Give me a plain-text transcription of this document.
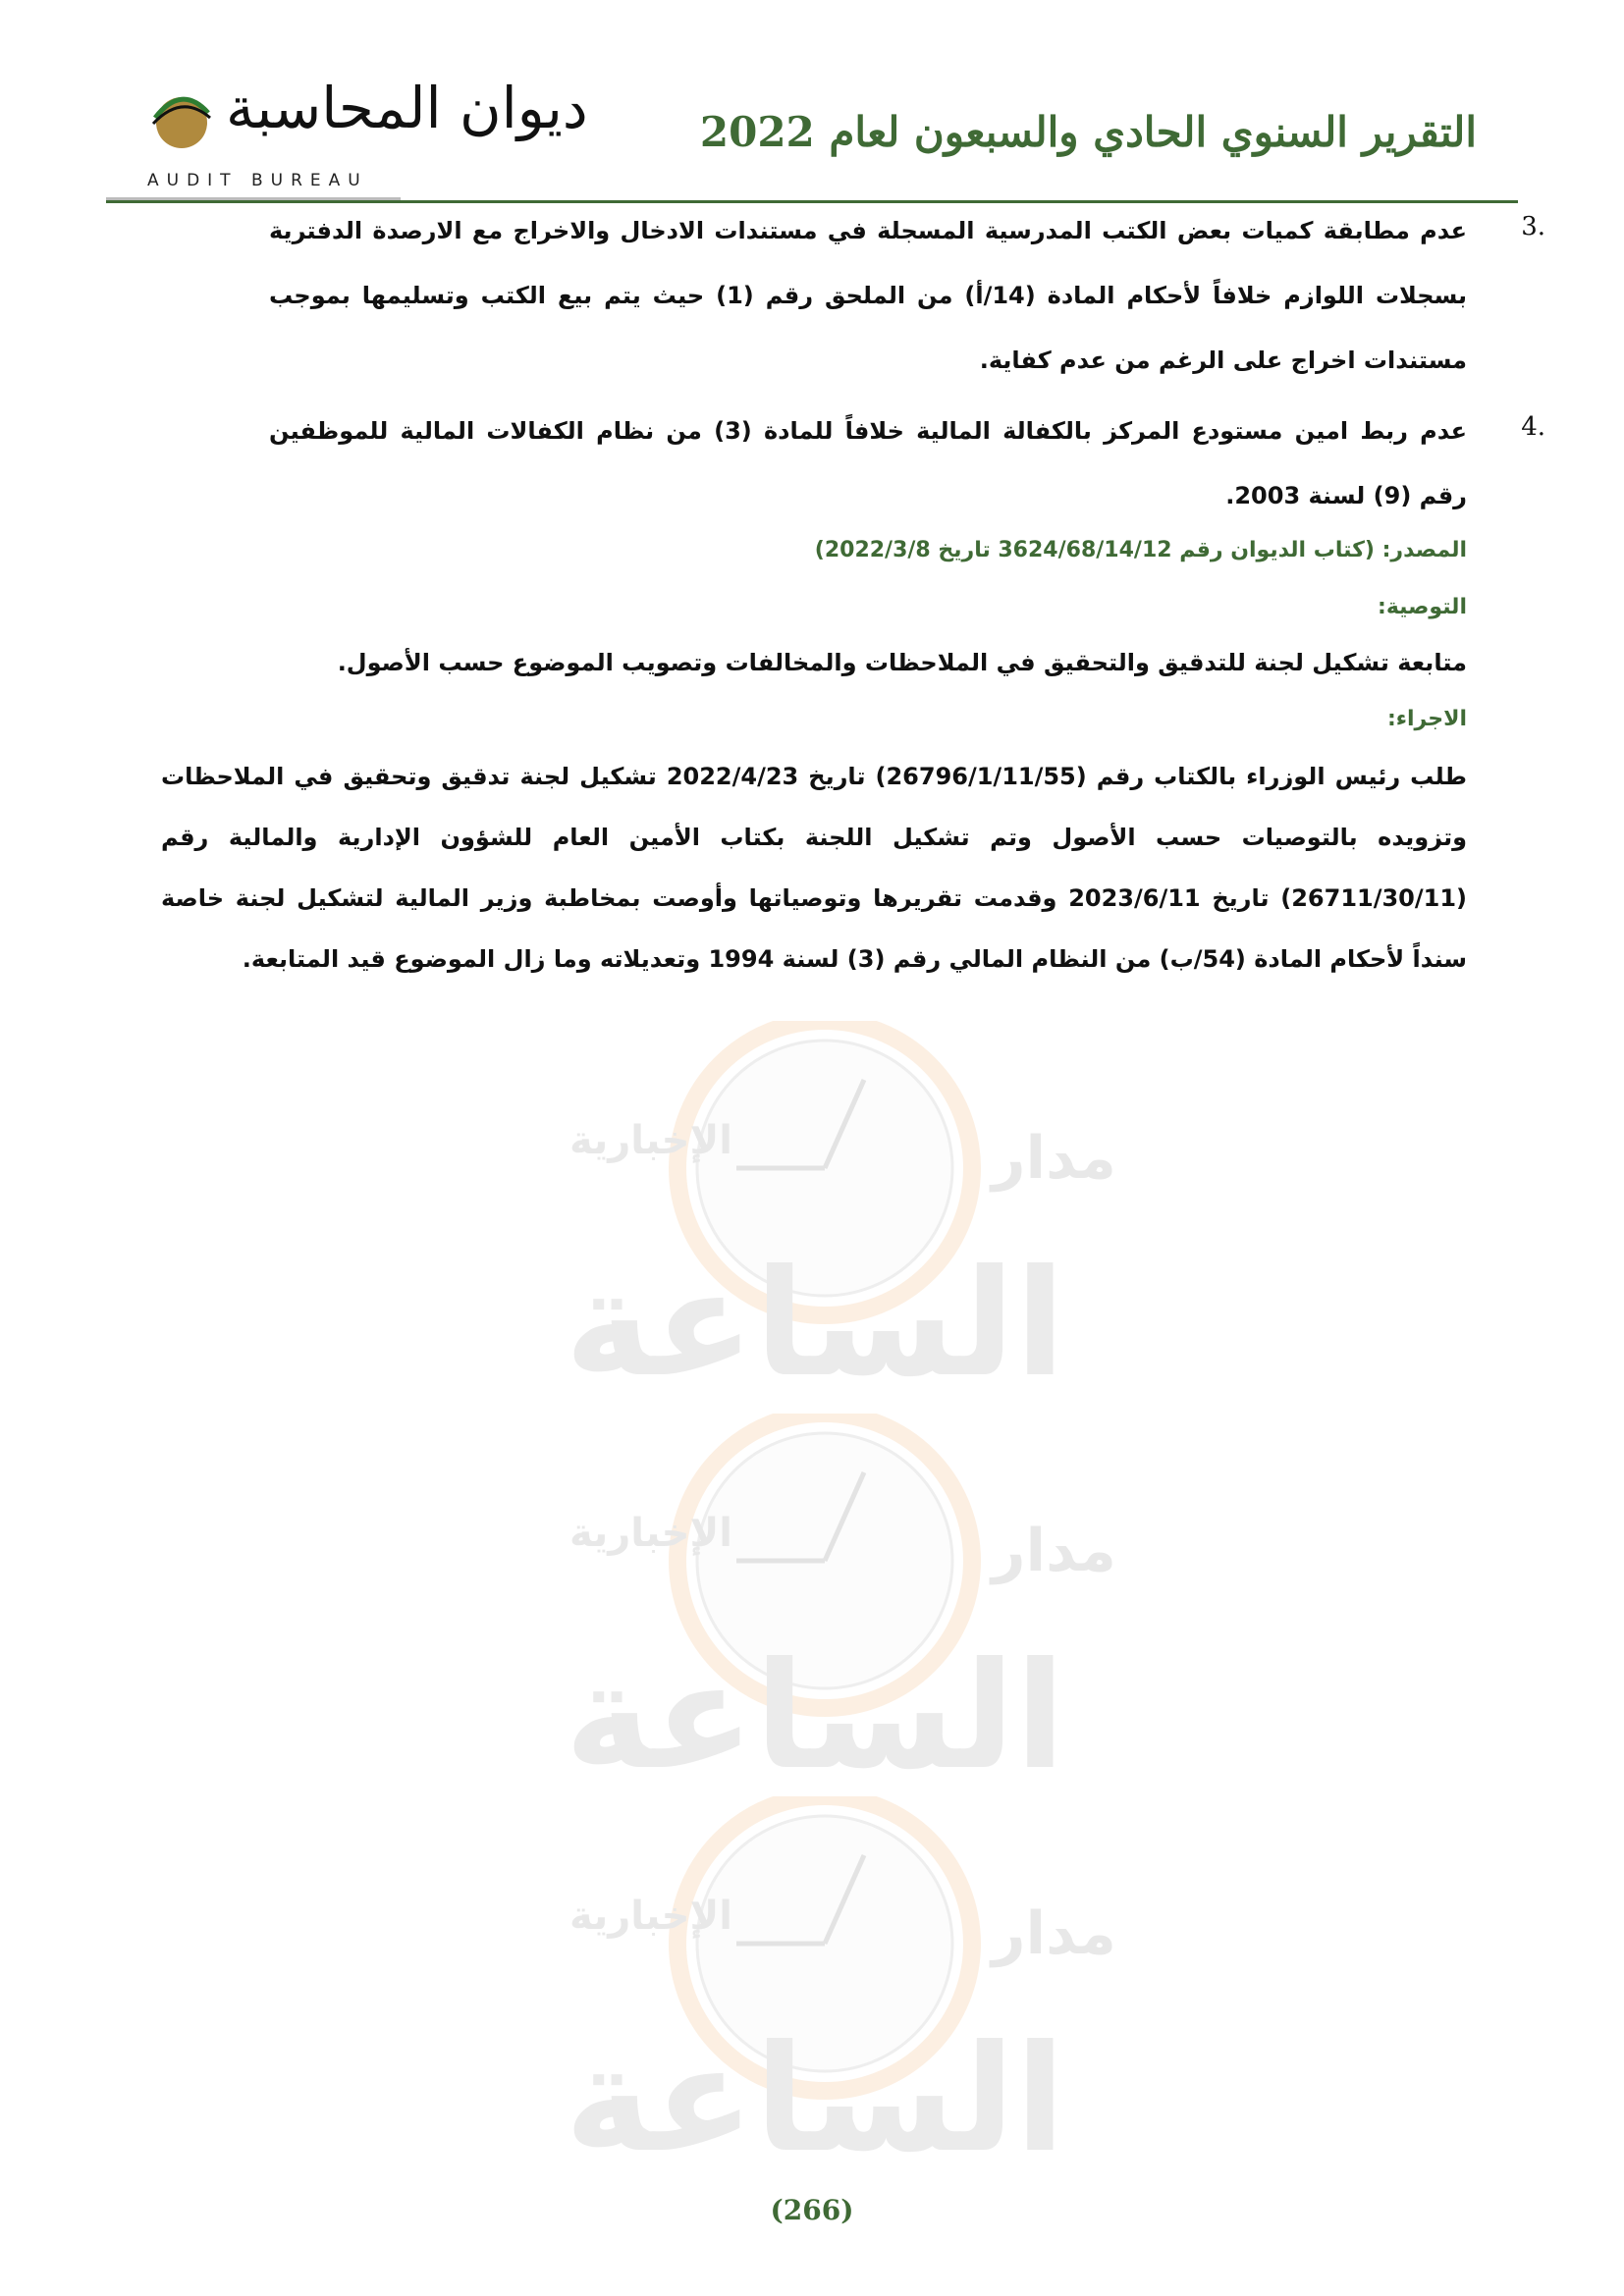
الإخبارية	مدار
الساعة
الإخبارية	مدار
الساعة
الإخبارية	مدار
الساعة
ديوان المحاسبة
AUDIT BUREAU
التقرير السنوي الحادي والسبعون لعام 2022
3.
عدم مطابقة كميات بعض الكتب المدرسية المسجلة في مستندات الادخال والاخراج مع الارصدة الدفترية بسجلات اللوازم خلافاً لأحكام المادة (14/أ) من الملحق رقم (1) حيث يتم بيع الكتب وتسليمها بموجب مستندات اخراج على الرغم من عدم كفاية.
4.
عدم ربط امين مستودع المركز بالكفالة المالية خلافاً للمادة (3) من نظام الكفالات المالية للموظفين رقم (9) لسنة 2003.
المصدر: (كتاب الديوان رقم 3624/68/14/12 تاريخ 2022/3/8)
التوصية:
متابعة تشكيل لجنة للتدقيق والتحقيق في الملاحظات والمخالفات وتصويب الموضوع حسب الأصول.
الاجراء:
طلب رئيس الوزراء بالكتاب رقم (26796/1/11/55) تاريخ 2022/4/23 تشكيل لجنة تدقيق وتحقيق في الملاحظات وتزويده بالتوصيات حسب الأصول وتم تشكيل اللجنة بكتاب الأمين العام للشؤون الإدارية والمالية رقم (26711/30/11) تاريخ 2023/6/11 وقدمت تقريرها وتوصياتها وأوصت بمخاطبة وزير المالية لتشكيل لجنة خاصة سنداً لأحكام المادة (54/ب) من النظام المالي رقم (3) لسنة 1994 وتعديلاته وما زال الموضوع قيد المتابعة.
(266)
